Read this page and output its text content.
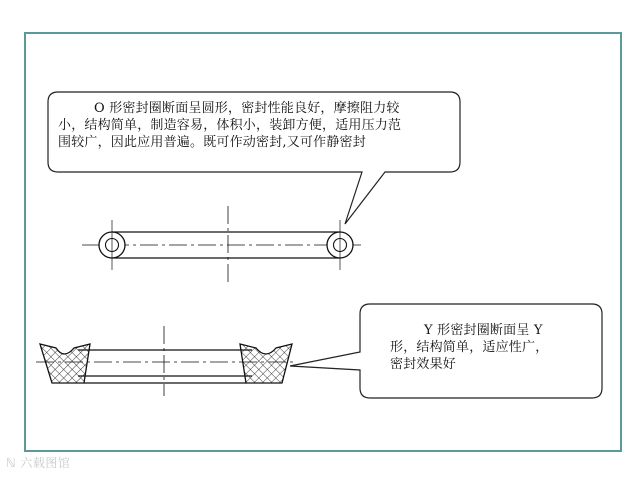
O 形密封圈断面呈圆形，密封性能良好，摩擦阻力较
小，结构简单，制造容易，体积小，装卸方便，适用压力范
围较广，因此应用普遍。既可作动密封,又可作静密封
Y 形密封圈断面呈 Y
形，结构简单，适应性广，
密封效果好
ℕ 六载图馆
